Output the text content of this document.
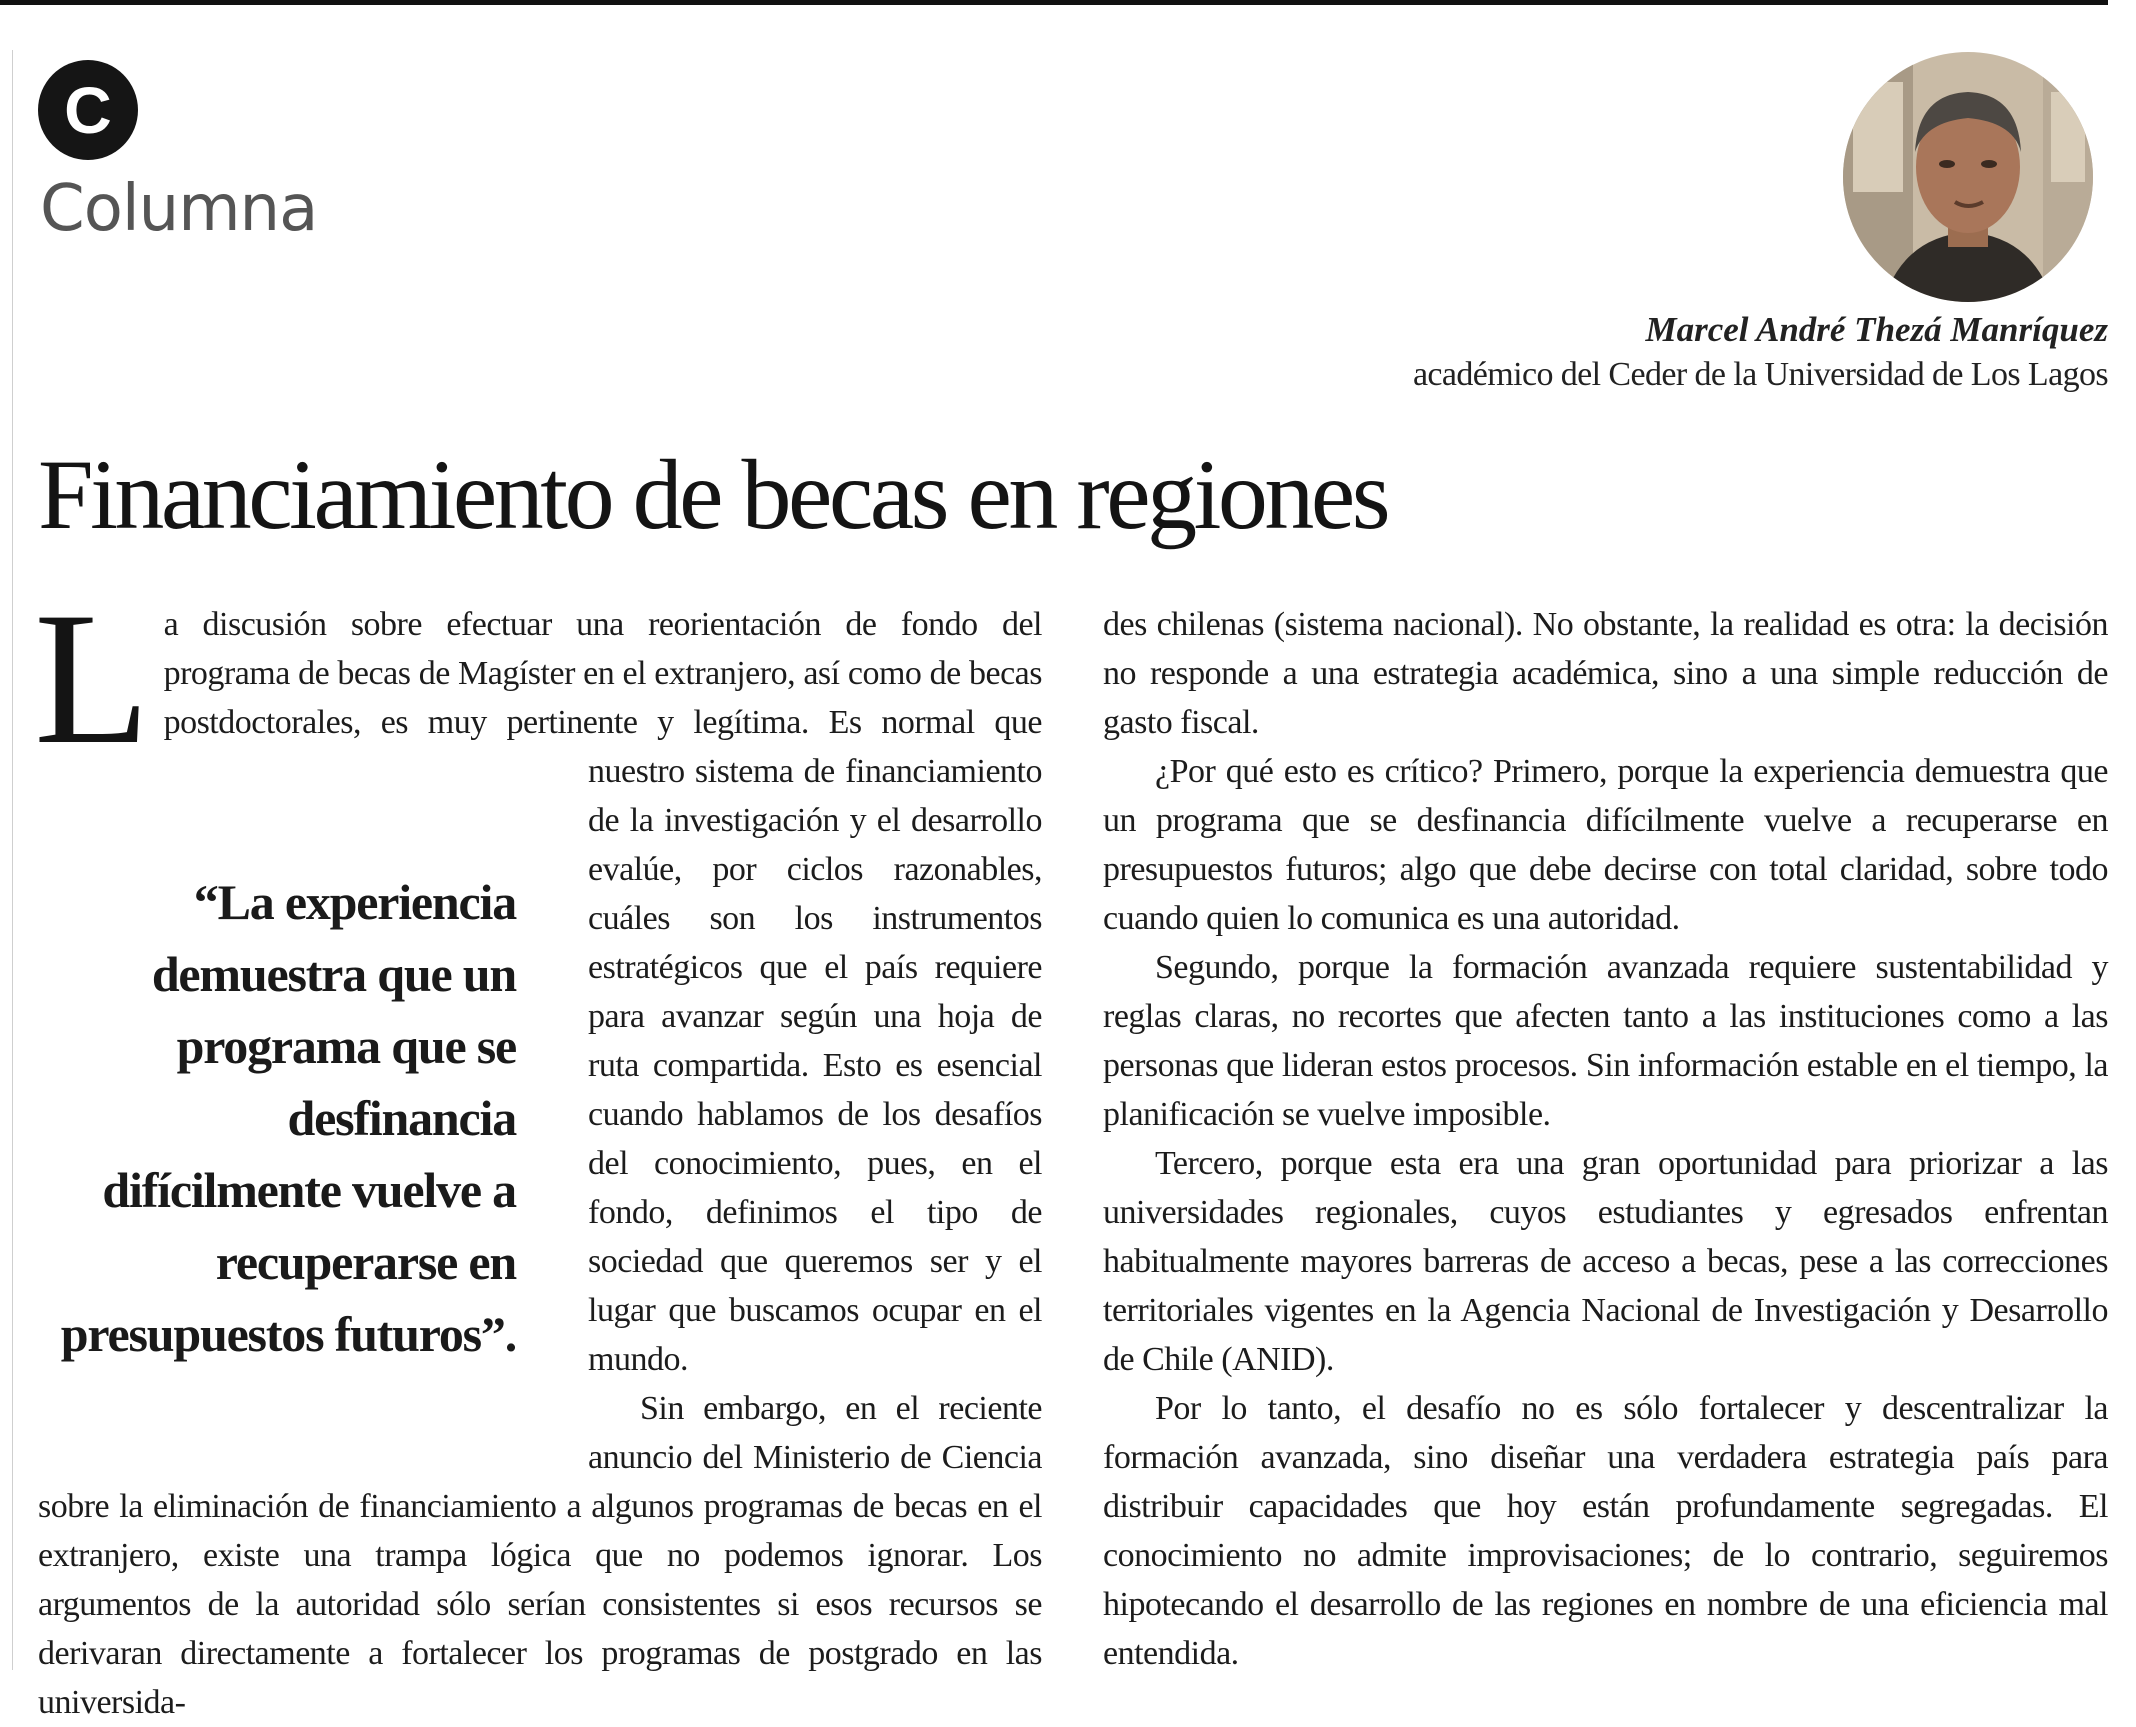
C
Columna
Marcel André Thezá Manríquez
académico del Ceder de la Universidad de Los Lagos
Financiamiento de becas en regiones
L a discusión sobre efectuar una reorientación de fondo del programa de becas de Magíster en el extranjero, así como de becas postdoctorales, es muy pertinente y legítima. Es normal que nuestro sistema de financiamiento de la investigación y el desarrollo evalúe, por ciclos razonables, cuáles son los instrumentos estratégicos que el país requiere para avanzar según una hoja de ruta compartida. Esto es esencial cuando hablamos de los desafíos del conocimiento, pues, en el fondo, definimos el tipo de sociedad que queremos ser y el lugar que buscamos ocupar en el mundo.

Sin embargo, en el reciente anuncio del Ministerio de Ciencia sobre la eliminación de financiamiento a algunos programas de becas en el extranjero, existe una trampa lógica que no podemos ignorar. Los argumentos de la autoridad sólo serían consistentes si esos recursos se derivaran directamente a fortalecer los programas de postgrado en las universida-

“La experiencia demuestra que un programa que se desfinancia difícilmente vuelve a recuperarse en presupuestos futuros”.

des chilenas (sistema nacional). No obstante, la realidad es otra: la decisión no responde a una estrategia académica, sino a una simple reducción de gasto fiscal.

¿Por qué esto es crítico? Primero, porque la experiencia demuestra que un programa que se desfinancia difícilmente vuelve a recuperarse en presupuestos futuros; algo que debe decirse con total claridad, sobre todo cuando quien lo comunica es una autoridad.

Segundo, porque la formación avanzada requiere sustentabilidad y reglas claras, no recortes que afecten tanto a las instituciones como a las personas que lideran estos procesos. Sin información estable en el tiempo, la planificación se vuelve imposible.

Tercero, porque esta era una gran oportunidad para priorizar a las universidades regionales, cuyos estudiantes y egresados enfrentan habitualmente mayores barreras de acceso a becas, pese a las correcciones territoriales vigentes en la Agencia Nacional de Investigación y Desarrollo de Chile (ANID).

Por lo tanto, el desafío no es sólo fortalecer y descentralizar la formación avanzada, sino diseñar una verdadera estrategia país para distribuir capacidades que hoy están profundamente segregadas. El conocimiento no admite improvisaciones; de lo contrario, seguiremos hipotecando el desarrollo de las regiones en nombre de una eficiencia mal entendida.
